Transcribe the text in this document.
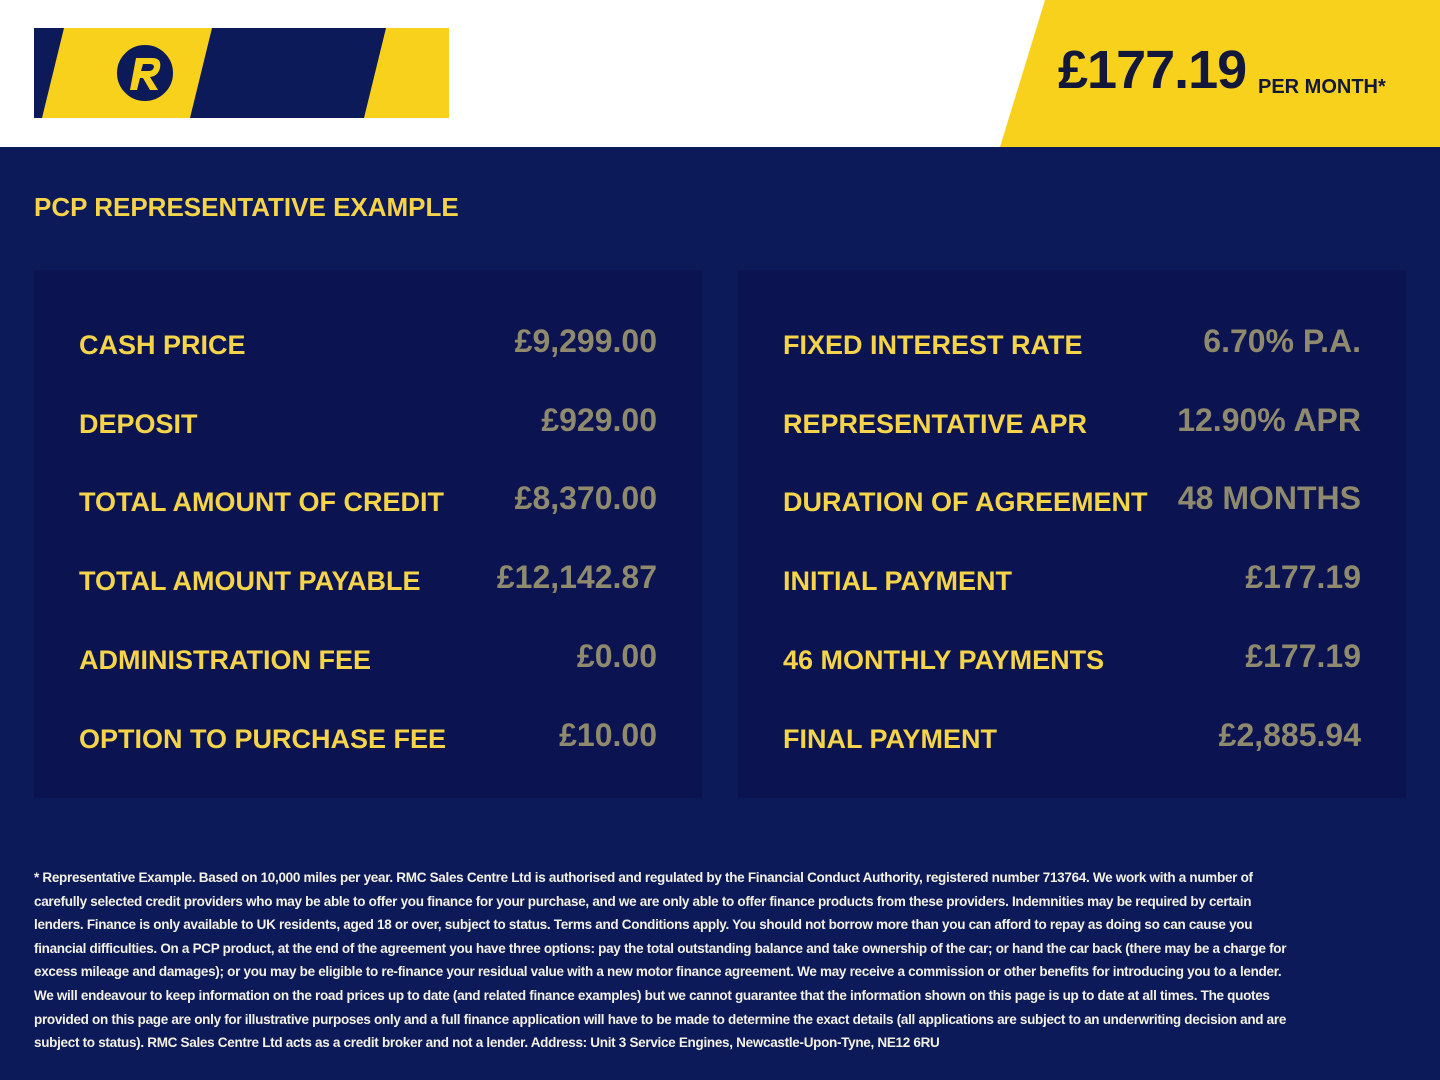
RMC
AUTO CENTRE	£177.19 PER MONTH*
PCP REPRESENTATIVE EXAMPLE
CASH PRICE	£9,299.00
DEPOSIT	£929.00
TOTAL AMOUNT OF CREDIT £8,370.00
TOTAL AMOUNT PAYABLE £12,142.87
ADMINISTRATION FEE	£0.00
OPTION TO PURCHASE FEE	£10.00
FIXED INTEREST RATE	6.70% P.A.
REPRESENTATIVE APR	12.90% APR
DURATION OF AGREEMENT 48 MONTHS
INITIAL PAYMENT	£177.19
46 MONTHLY PAYMENTS	£177.19
FINAL PAYMENT	£2,885.94
* Representative Example. Based on 10,000 miles per year. RMC Sales Centre Ltd is authorised and regulated by the Financial Conduct Authority, registered number 713764. We work with a number of carefully selected credit providers who may be able to offer you finance for your purchase, and we are only able to offer finance products from these providers. Indemnities may be required by certain lenders. Finance is only available to UK residents, aged 18 or over, subject to status. Terms and Conditions apply. You should not borrow more than you can afford to repay as doing so can cause you financial difficulties. On a PCP product, at the end of the agreement you have three options: pay the total outstanding balance and take ownership of the car; or hand the car back (there may be a charge for excess mileage and damages); or you may be eligible to re-finance your residual value with a new motor finance agreement. We may receive a commission or other benefits for introducing you to a lender. We will endeavour to keep information on the road prices up to date (and related finance examples) but we cannot guarantee that the information shown on this page is up to date at all times. The quotes provided on this page are only for illustrative purposes only and a full finance application will have to be made to determine the exact details (all applications are subject to an underwriting decision and are subject to status). RMC Sales Centre Ltd acts as a credit broker and not a lender. Address: Unit 3 Service Engines, Newcastle-Upon-Tyne, NE12 6RU
